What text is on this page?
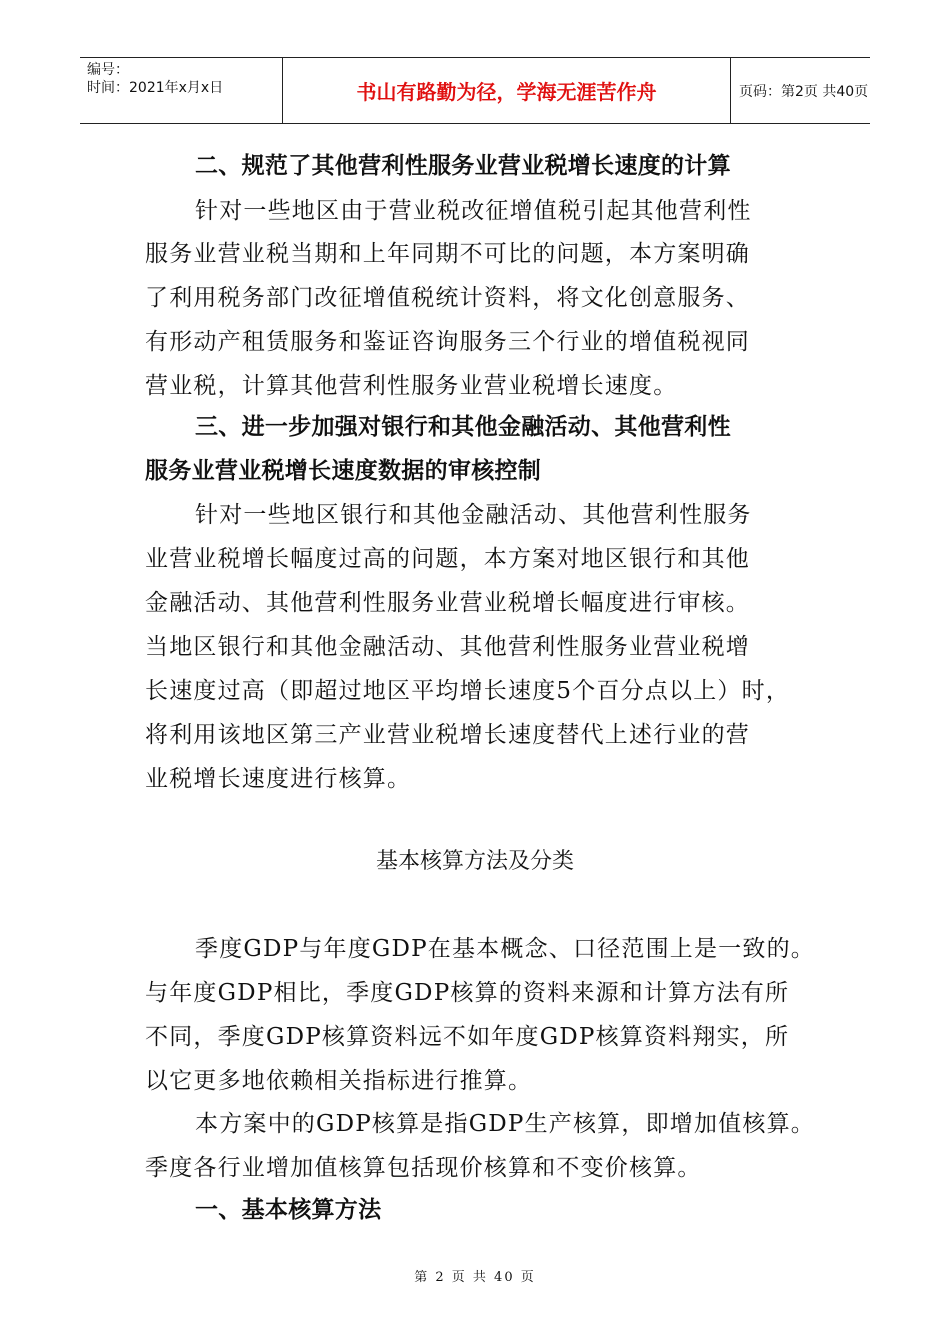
编号：
时间：2021年x月x日	书山有路勤为径，学海无涯苦作舟	页码：第2页 共40页
二、规范了其他营利性服务业营业税增长速度的计算
针对一些地区由于营业税改征增值税引起其他营利性
服务业营业税当期和上年同期不可比的问题，本方案明确
了利用税务部门改征增值税统计资料，将文化创意服务、
有形动产租赁服务和鉴证咨询服务三个行业的增值税视同
营业税，计算其他营利性服务业营业税增长速度。
三、进一步加强对银行和其他金融活动、其他营利性
服务业营业税增长速度数据的审核控制
针对一些地区银行和其他金融活动、其他营利性服务
业营业税增长幅度过高的问题，本方案对地区银行和其他
金融活动、其他营利性服务业营业税增长幅度进行审核。
当地区银行和其他金融活动、其他营利性服务业营业税增
长速度过高（即超过地区平均增长速度5个百分点以上）时，
将利用该地区第三产业营业税增长速度替代上述行业的营
业税增长速度进行核算。
基本核算方法及分类
季度GDP与年度GDP在基本概念、口径范围上是一致的。
与年度GDP相比，季度GDP核算的资料来源和计算方法有所
不同，季度GDP核算资料远不如年度GDP核算资料翔实，所
以它更多地依赖相关指标进行推算。
本方案中的GDP核算是指GDP生产核算，即增加值核算。
季度各行业增加值核算包括现价核算和不变价核算。
一、基本核算方法
第 2 页 共 40 页
